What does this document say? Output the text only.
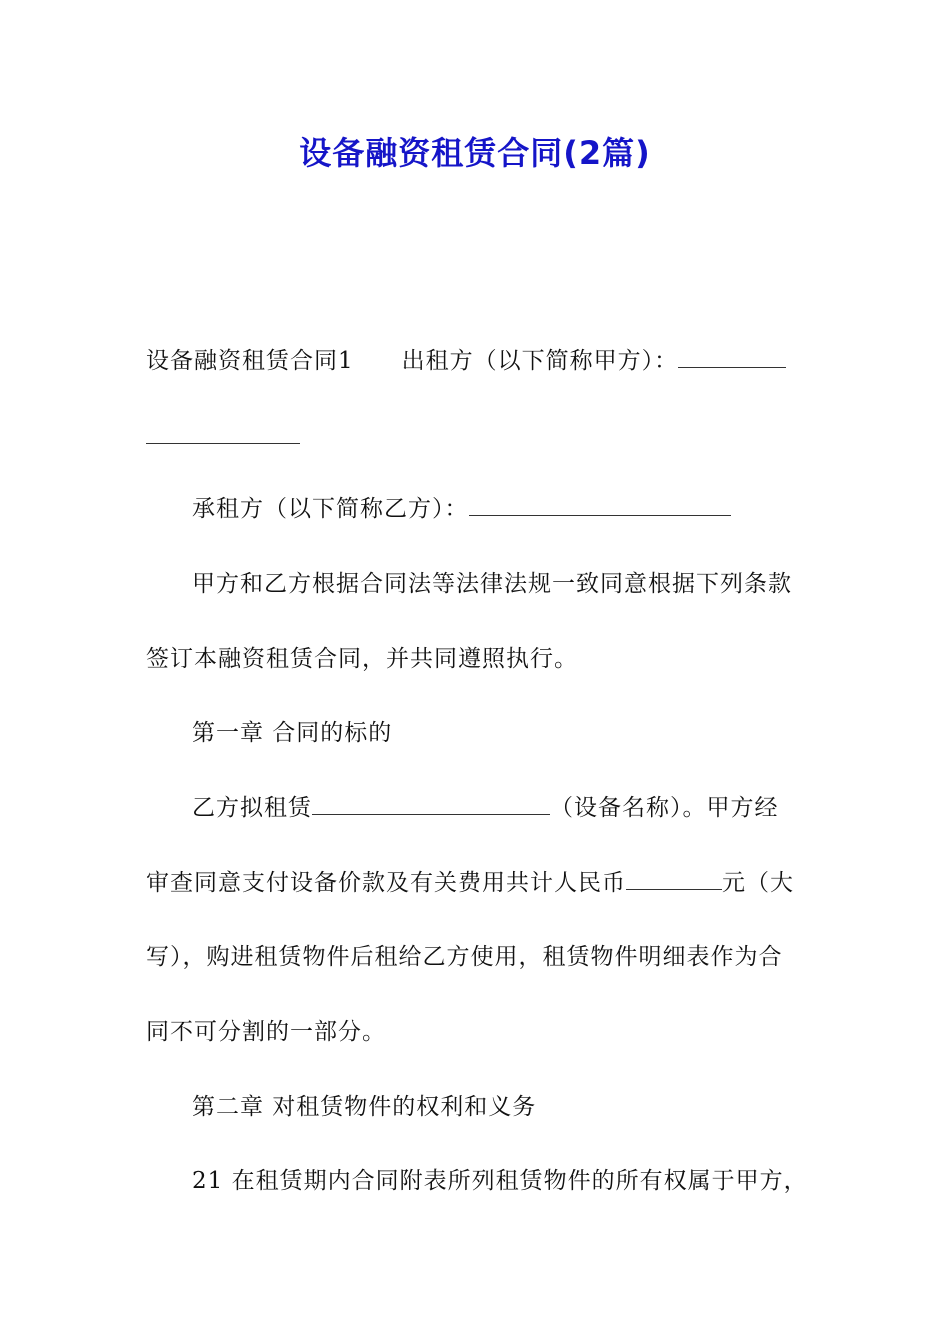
设备融资租赁合同(2篇)
设备融资租赁合同1 出租方（以下简称甲方）：
承租方（以下简称乙方）：
甲方和乙方根据合同法等法律法规一致同意根据下列条款
签订本融资租赁合同，并共同遵照执行。
第一章 合同的标的
乙方拟租赁	（设备名称）。甲方经
审查同意支付设备价款及有关费用共计人民币	元（大
写），购进租赁物件后租给乙方使用，租赁物件明细表作为合
同不可分割的一部分。
第二章 对租赁物件的权利和义务
21 在租赁期内合同附表所列租赁物件的所有权属于甲方，
